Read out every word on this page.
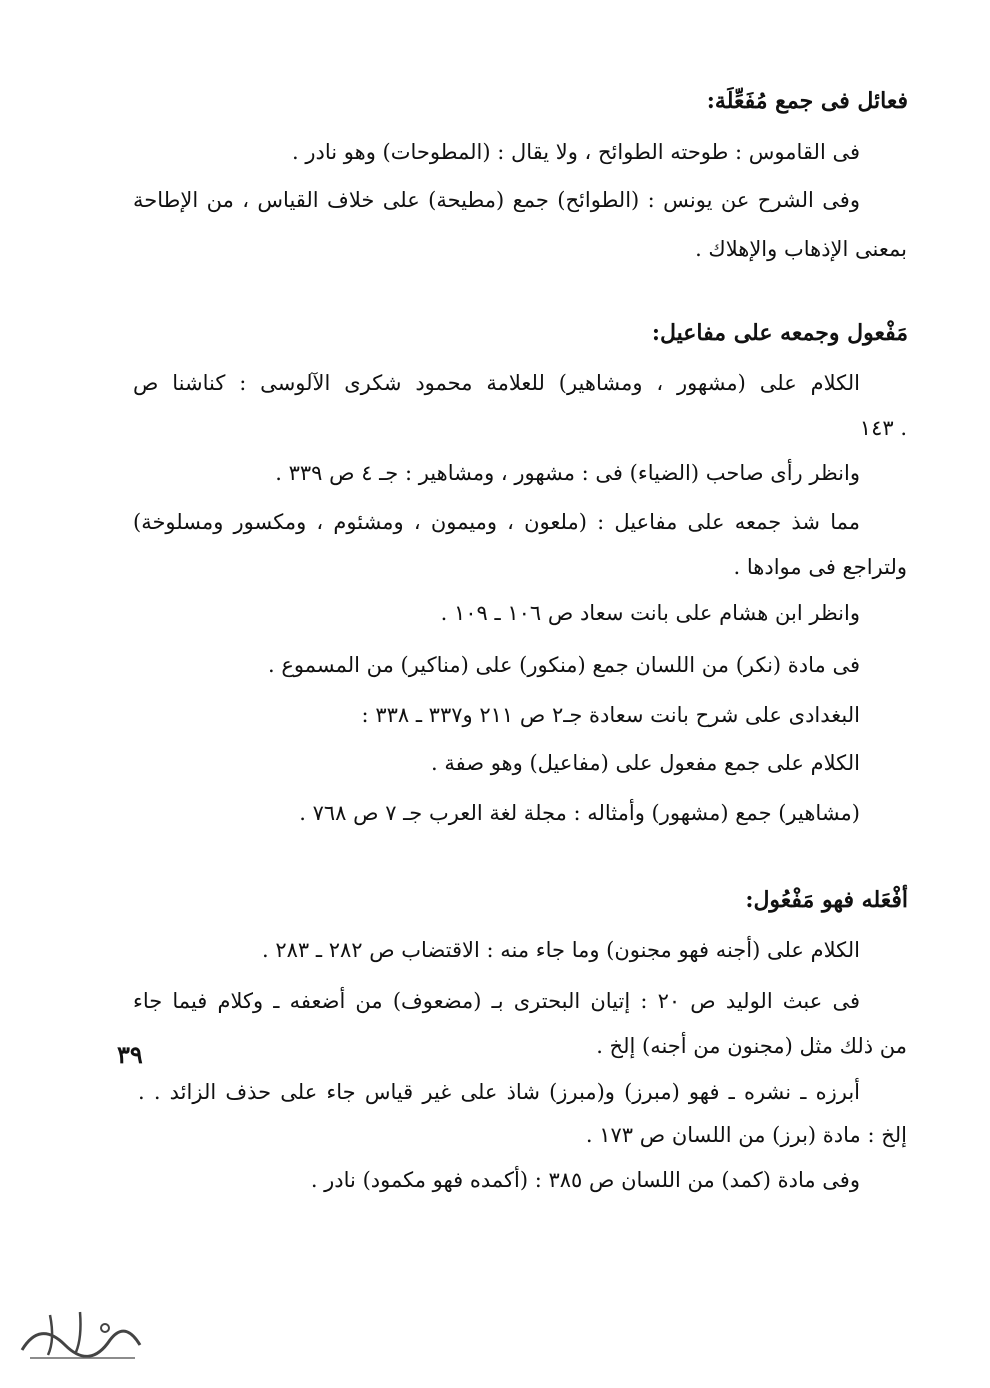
فعائل فى جمع مُفَعِّلَة:
فى القاموس : طوحته الطوائح ، ولا يقال : (المطوحات) وهو نادر .
وفى الشرح عن يونس : (الطوائح) جمع (مطيحة) على خلاف القياس ، من الإطاحة
بمعنى الإذهاب والإهلاك .
مَفْعول وجمعه على مفاعيل:
الكلام على (مشهور ، ومشاهير) للعلامة محمود شكرى الآلوسى : كناشنا ص
١٤٣ .
وانظر رأى صاحب (الضياء) فى : مشهور ، ومشاهير : جـ ٤ ص ٣٣٩ .
مما شذ جمعه على مفاعيل : (ملعون ، وميمون ، ومشئوم ، ومكسور ومسلوخة)
ولتراجع فى موادها .
وانظر ابن هشام على بانت سعاد ص ١٠٦ ـ ١٠٩ .
فى مادة (نكر) من اللسان جمع (منكور) على (مناكير) من المسموع .
البغدادى على شرح بانت سعادة جـ٢ ص ٢١١ و٣٣٧ ـ ٣٣٨ :
الكلام على جمع مفعول على (مفاعيل) وهو صفة .
(مشاهير) جمع (مشهور) وأمثاله : مجلة لغة العرب جـ ٧ ص ٧٦٨ .
أفْعَله فهو مَفْعُول:
الكلام على (أجنه فهو مجنون) وما جاء منه : الاقتضاب ص ٢٨٢ ـ ٢٨٣ .
فى عبث الوليد ص ٢٠ : إتيان البحترى بـ (مضعوف) من أضعفه ـ وكلام فيما جاء
من ذلك مثل (مجنون من أجنه) إلخ .
أبرزه ـ نشره ـ فهو (مبرز) و(مبرز) شاذ على غير قياس جاء على حذف الزائد . .
إلخ : مادة (برز) من اللسان ص ١٧٣ .
وفى مادة (كمد) من اللسان ص ٣٨٥ : (أكمده فهو مكمود) نادر .
٣٩
